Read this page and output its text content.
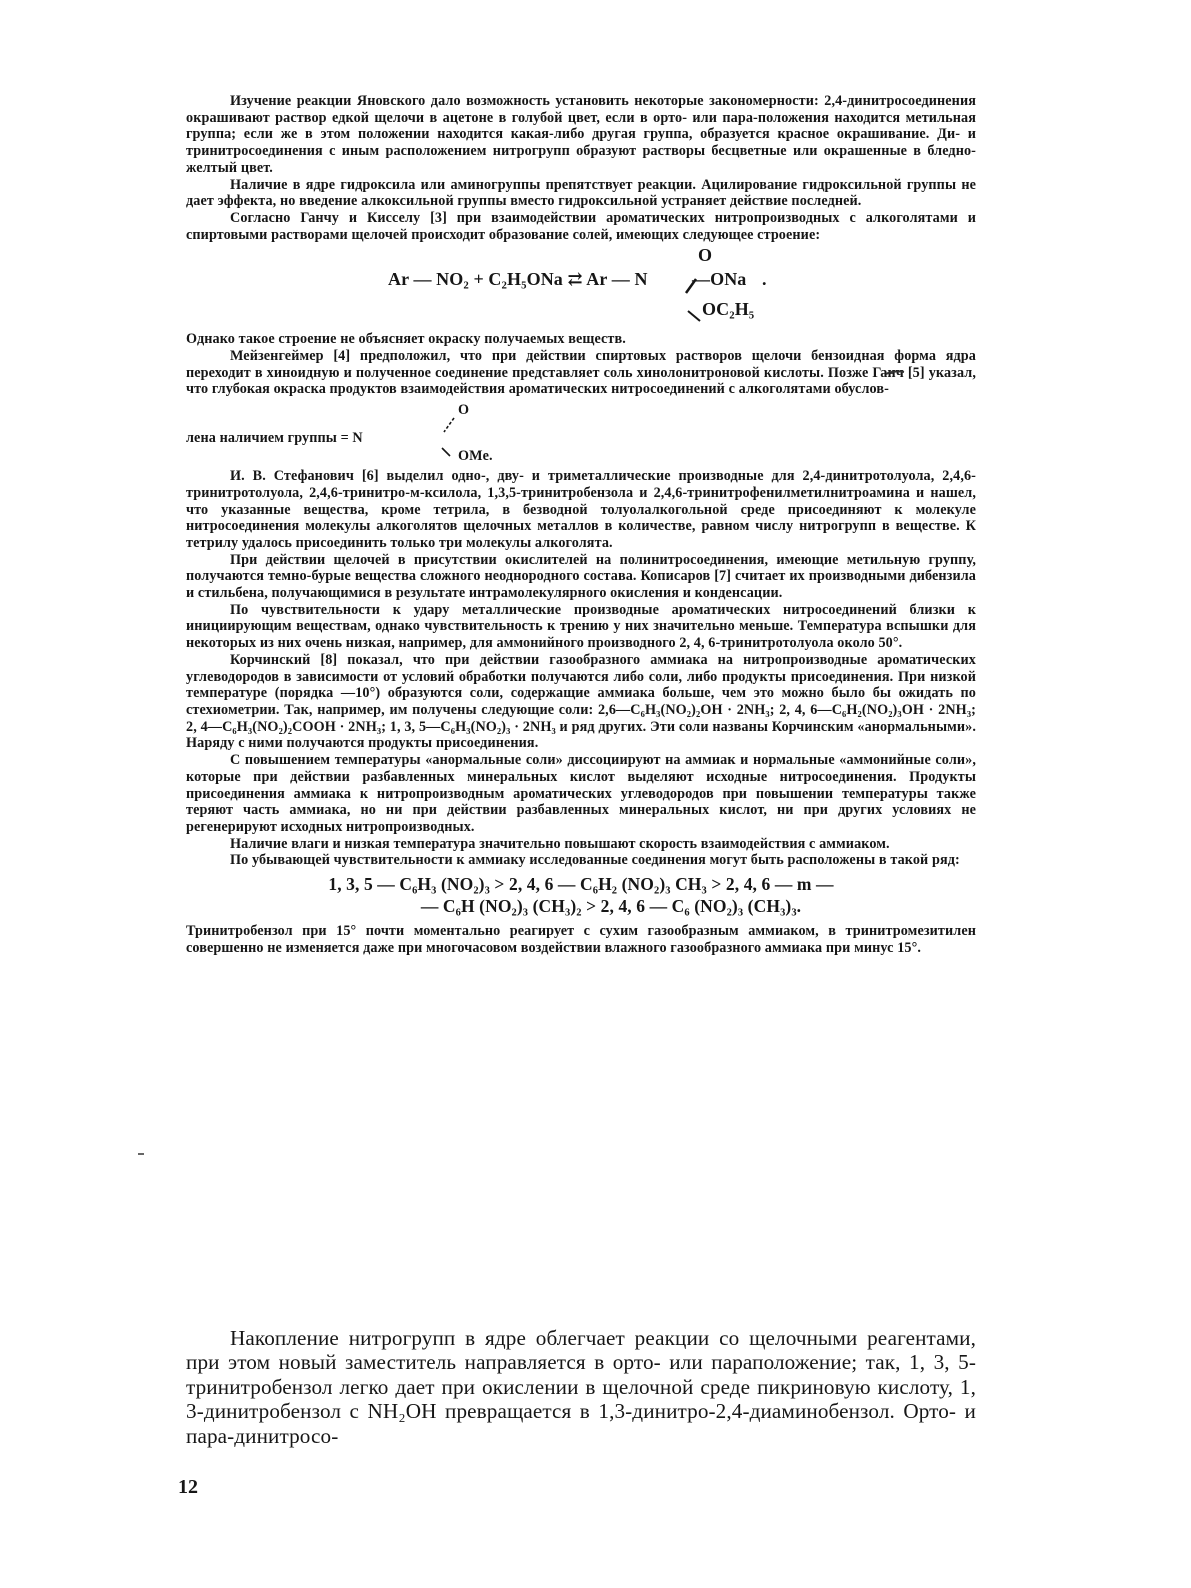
Изучение реакции Яновского дало возможность установить некоторые закономерности: 2,4-динитросоединения окрашивают раствор едкой щелочи в ацетоне в голубой цвет, если в орто- или пара-положения находится метильная группа; если же в этом положении находится какая-либо другая группа, образуется красное окрашивание. Ди- и тринитросоединения с иным расположением нитрогрупп образуют растворы бесцветные или окрашенные в бледно-желтый цвет.

Наличие в ядре гидроксила или аминогруппы препятствует реакции. Ацилирование гидроксильной группы не дает эффекта, но введение алкоксильной группы вместо гидроксильной устраняет действие последней.

Согласно Ганчу и Кисселу [3] при взаимодействии ароматических нитропроизводных с алкоголятами и спиртовыми растворами щелочей происходит образование солей, имеющих следующее строение:

Ar — NO₂ + C₂H₅ONa ⇄ Ar — N
O
—ONa .
OC₂H₅

Однако такое строение не объясняет окраску получаемых веществ.

Мейзенгеймер [4] предположил, что при действии спиртовых растворов щелочи бензоидная форма ядра переходит в хиноидную и полученное соединение представляет соль хинолонитроновой кислоты. Позже Ганч [5] указал, что глубокая окраска продуктов взаимодействия ароматических нитросоединений с алкоголятами обуслов-

лена наличием группы = N
O
OMe.

И. В. Стефанович [6] выделил одно-, дву- и триметаллические производные для 2,4-динитротолуола, 2,4,6-тринитротолуола, 2,4,6-тринитро-м-ксилола, 1,3,5-тринитробензола и 2,4,6-тринитрофенилметилнитроамина и нашел, что указанные вещества, кроме тетрила, в безводной толуолалкогольной среде присоединяют к молекуле нитросоединения молекулы алкоголятов щелочных металлов в количестве, равном числу нитрогрупп в веществе. К тетрилу удалось присоединить только три молекулы алкоголята.

При действии щелочей в присутствии окислителей на полинитросоединения, имеющие метильную группу, получаются темно-бурые вещества сложного неоднородного состава. Кописаров [7] считает их производными дибензила и стильбена, получающимися в результате интрамолекулярного окисления и конденсации.

По чувствительности к удару металлические производные ароматических нитросоединений близки к инициирующим веществам, однако чувствительность к трению у них значительно меньше. Температура вспышки для некоторых из них очень низкая, например, для аммонийного производного 2, 4, 6-тринитротолуола около 50°.

Корчинский [8] показал, что при действии газообразного аммиака на нитропроизводные ароматических углеводородов в зависимости от условий обработки получаются либо соли, либо продукты присоединения. При низкой температуре (порядка —10°) образуются соли, содержащие аммиака больше, чем это можно было бы ожидать по стехиометрии. Так, например, им получены следующие соли: 2,6—C₆H₃(NO₂)₂OH · 2NH₃; 2, 4, 6—C₆H₂(NO₂)₃OH · 2NH₃; 2, 4—C₆H₃(NO₂)₂COOH · 2NH₃; 1, 3, 5—C₆H₃(NO₂)₃ · 2NH₃ и ряд других. Эти соли названы Корчинским «анормальными». Наряду с ними получаются продукты присоединения.

С повышением температуры «анормальные соли» диссоциируют на аммиак и нормальные «аммонийные соли», которые при действии разбавленных минеральных кислот выделяют исходные нитросоединения. Продукты присоединения аммиака к нитропроизводным ароматических углеводородов при повышении температуры также теряют часть аммиака, но ни при действии разбавленных минеральных кислот, ни при других условиях не регенерируют исходных нитропроизводных.

Наличие влаги и низкая температура значительно повышают скорость взаимодействия с аммиаком.

По убывающей чувствительности к аммиаку исследованные соединения могут быть расположены в такой ряд:

1, 3, 5 — C₆H₃ (NO₂)₃ > 2, 4, 6 — C₆H₂ (NO₂)₃ CH₃ > 2, 4, 6 — m —
— C₆H (NO₂)₃ (CH₃)₂ > 2, 4, 6 — C₆ (NO₂)₃ (CH₃)₃.

Тринитробензол при 15° почти моментально реагирует с сухим газообразным аммиаком, в тринитромезитилен совершенно не изменяется даже при многочасовом воздействии влажного газообразного аммиака при минус 15°.

Накопление нитрогрупп в ядре облегчает реакции со щелочными реагентами, при этом новый заместитель направляется в орто- или параположение; так, 1, 3, 5-тринитробензол легко дает при окислении в щелочной среде пикриновую кислоту, 1, 3-динитробензол с NH₂OH превращается в 1,3-динитро-2,4-диаминобензол. Орто- и пара-динитросо-

12
